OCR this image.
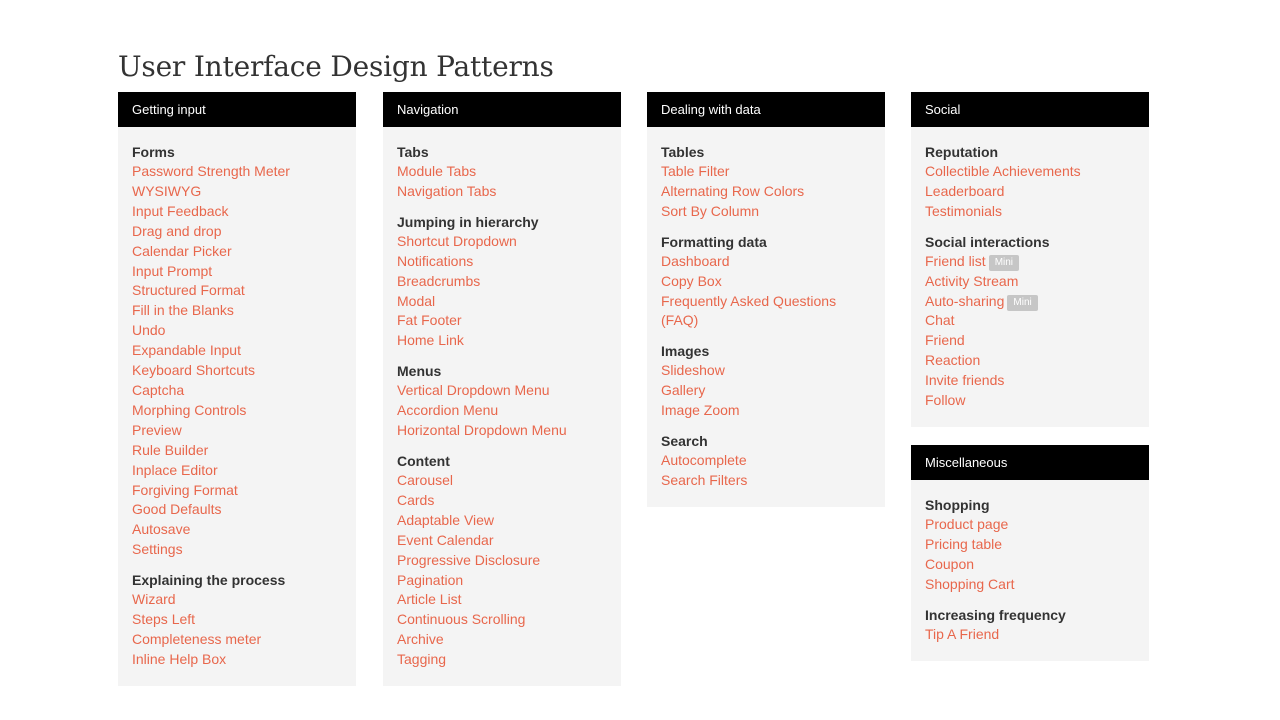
User Interface Design Patterns
Getting input
Forms
Password Strength Meter
WYSIWYG
Input Feedback
Drag and drop
Calendar Picker
Input Prompt
Structured Format
Fill in the Blanks
Undo
Expandable Input
Keyboard Shortcuts
Captcha
Morphing Controls
Preview
Rule Builder
Inplace Editor
Forgiving Format
Good Defaults
Autosave
Settings
Explaining the process
Wizard
Steps Left
Completeness meter
Inline Help Box
Navigation
Tabs
Module Tabs
Navigation Tabs
Jumping in hierarchy
Shortcut Dropdown
Notifications
Breadcrumbs
Modal
Fat Footer
Home Link
Menus
Vertical Dropdown Menu
Accordion Menu
Horizontal Dropdown Menu
Content
Carousel
Cards
Adaptable View
Event Calendar
Progressive Disclosure
Pagination
Article List
Continuous Scrolling
Archive
Tagging
Dealing with data
Tables
Table Filter
Alternating Row Colors
Sort By Column
Formatting data
Dashboard
Copy Box
Frequently Asked Questions
(FAQ)
Images
Slideshow
Gallery
Image Zoom
Search
Autocomplete
Search Filters
Social
Reputation
Collectible Achievements
Leaderboard
Testimonials
Social interactions
Friend list Mini
Activity Stream
Auto-sharing Mini
Chat
Friend
Reaction
Invite friends
Follow
Miscellaneous
Shopping
Product page
Pricing table
Coupon
Shopping Cart
Increasing frequency
Tip A Friend
